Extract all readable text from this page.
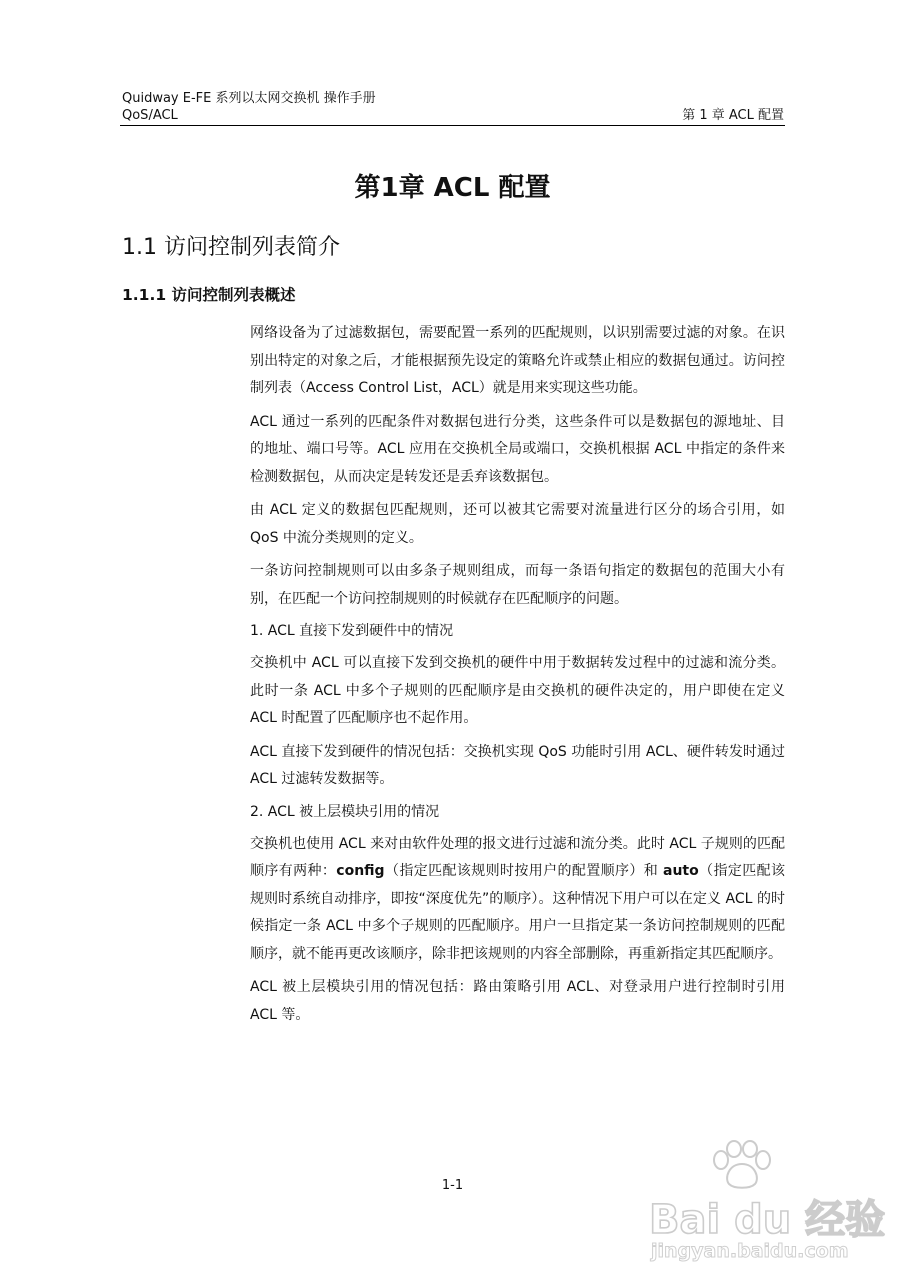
Quidway E-FE 系列以太网交换机 操作手册
QoS/ACL	第 1 章 ACL 配置
第1章 ACL 配置
1.1 访问控制列表简介
1.1.1 访问控制列表概述

网络设备为了过滤数据包，需要配置一系列的匹配规则，以识别需要过滤的对象。在识别出特定的对象之后，才能根据预先设定的策略允许或禁止相应的数据包通过。访问控制列表（Access Control List，ACL）就是用来实现这些功能。

ACL 通过一系列的匹配条件对数据包进行分类，这些条件可以是数据包的源地址、目的地址、端口号等。ACL 应用在交换机全局或端口，交换机根据 ACL 中指定的条件来检测数据包，从而决定是转发还是丢弃该数据包。

由 ACL 定义的数据包匹配规则，还可以被其它需要对流量进行区分的场合引用，如 QoS 中流分类规则的定义。

一条访问控制规则可以由多条子规则组成，而每一条语句指定的数据包的范围大小有别，在匹配一个访问控制规则的时候就存在匹配顺序的问题。

1. ACL 直接下发到硬件中的情况

交换机中 ACL 可以直接下发到交换机的硬件中用于数据转发过程中的过滤和流分类。此时一条 ACL 中多个子规则的匹配顺序是由交换机的硬件决定的，用户即使在定义 ACL 时配置了匹配顺序也不起作用。

ACL 直接下发到硬件的情况包括：交换机实现 QoS 功能时引用 ACL、硬件转发时通过 ACL 过滤转发数据等。

2. ACL 被上层模块引用的情况

交换机也使用 ACL 来对由软件处理的报文进行过滤和流分类。此时 ACL 子规则的匹配顺序有两种：config（指定匹配该规则时按用户的配置顺序）和 auto（指定匹配该规则时系统自动排序，即按“深度优先”的顺序）。这种情况下用户可以在定义 ACL 的时候指定一条 ACL 中多个子规则的匹配顺序。用户一旦指定某一条访问控制规则的匹配顺序，就不能再更改该顺序，除非把该规则的内容全部删除，再重新指定其匹配顺序。

ACL 被上层模块引用的情况包括：路由策略引用 ACL、对登录用户进行控制时引用 ACL 等。

1-1
Bai du 经验
jingyan.baidu.com
